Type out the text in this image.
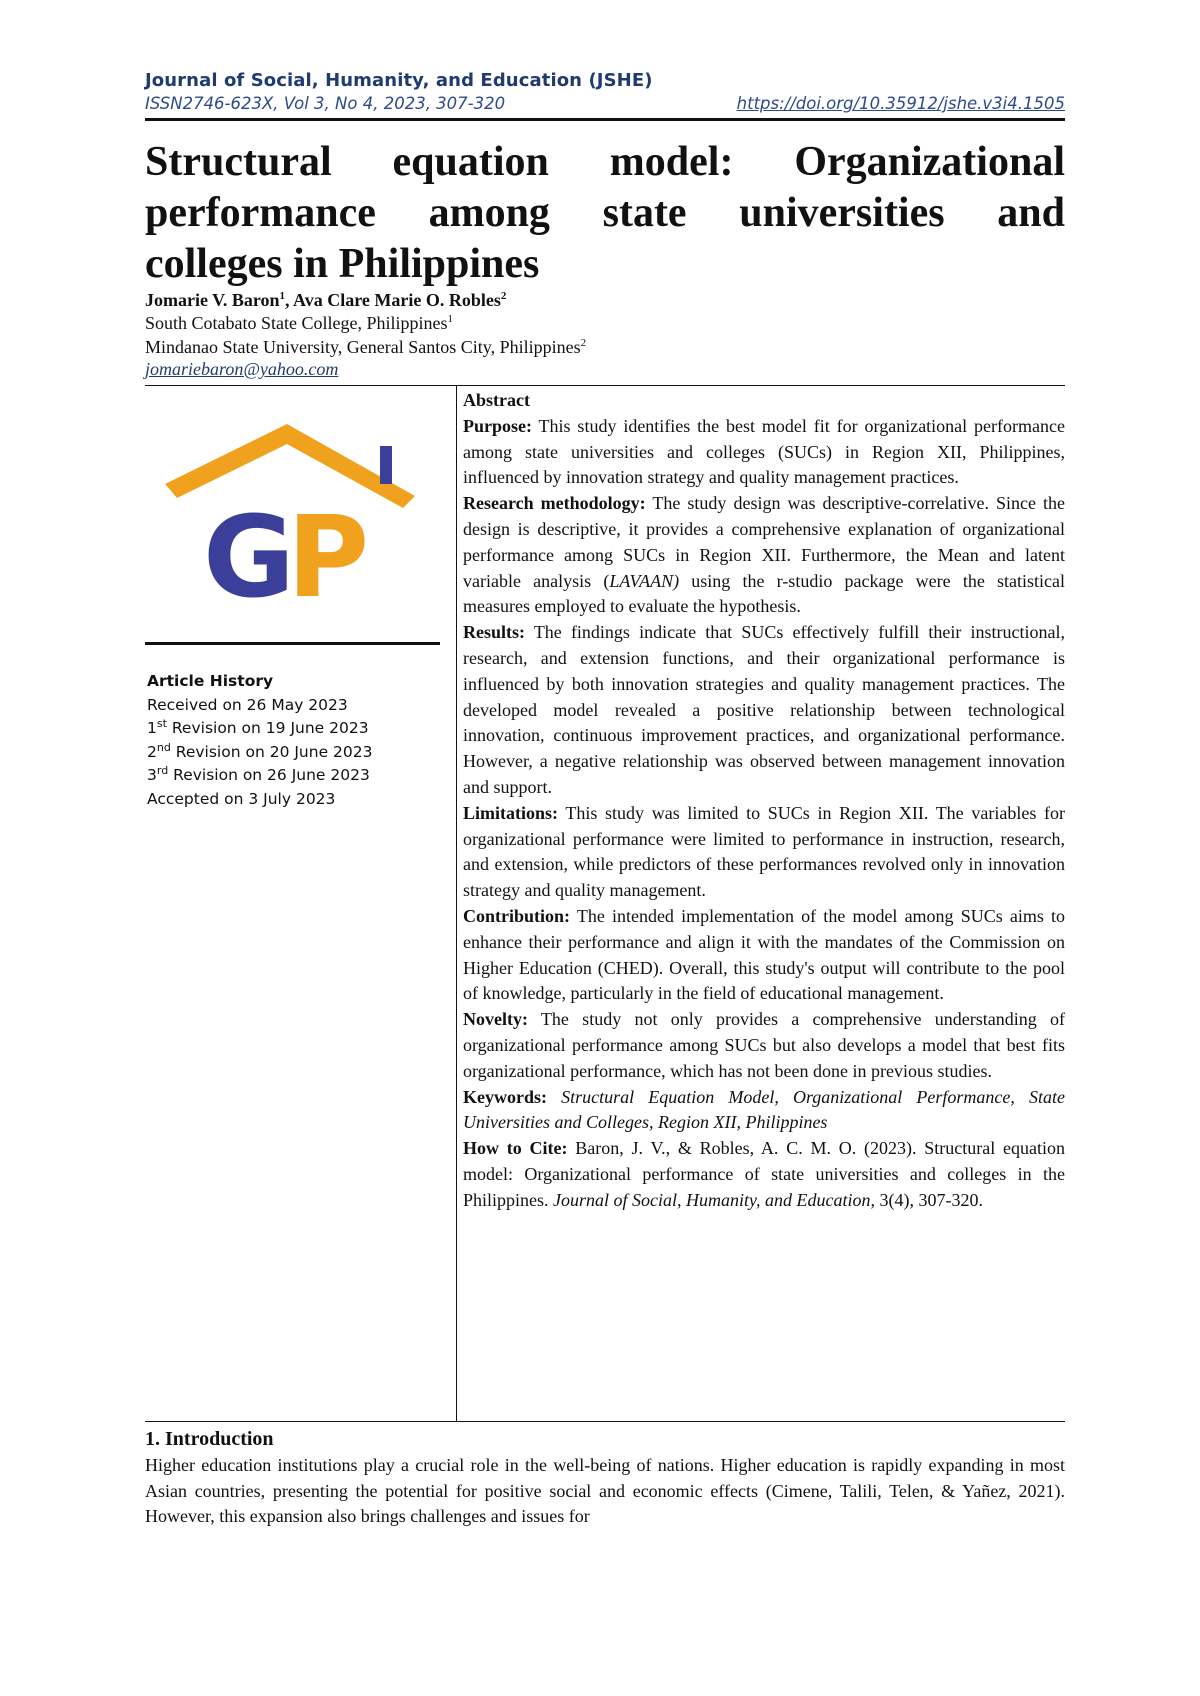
Journal of Social, Humanity, and Education (JSHE)
ISSN2746-623X, Vol 3, No 4, 2023, 307-320	https://doi.org/10.35912/jshe.v3i4.1505
Structural equation model: Organizational
performance among state universities and
colleges in Philippines
Jomarie V. Baron$^1$, Ava Clare Marie O. Robles$^2$
South Cotabato State College, Philippines$^1$
Mindanao State University, General Santos City, Philippines$^2$
jomariebaron@yahoo.com
G
P
Article History
Received on 26 May 2023
1st Revision on 19 June 2023
2nd Revision on 20 June 2023
3rd Revision on 26 June 2023
Accepted on 3 July 2023

Abstract

Purpose: This study identifies the best model fit for organizational performance among state universities and colleges (SUCs) in Region XII, Philippines, influenced by innovation strategy and quality management practices.

Research methodology: The study design was descriptive-correlative. Since the design is descriptive, it provides a comprehensive explanation of organizational performance among SUCs in Region XII. Furthermore, the Mean and latent variable analysis (LAVAAN) using the r-studio package were the statistical measures employed to evaluate the hypothesis.

Results: The findings indicate that SUCs effectively fulfill their instructional, research, and extension functions, and their organizational performance is influenced by both innovation strategies and quality management practices. The developed model revealed a positive relationship between technological innovation, continuous improvement practices, and organizational performance. However, a negative relationship was observed between management innovation and support.

Limitations: This study was limited to SUCs in Region XII. The variables for organizational performance were limited to performance in instruction, research, and extension, while predictors of these performances revolved only in innovation strategy and quality management.

Contribution: The intended implementation of the model among SUCs aims to enhance their performance and align it with the mandates of the Commission on Higher Education (CHED). Overall, this study's output will contribute to the pool of knowledge, particularly in the field of educational management.

Novelty: The study not only provides a comprehensive understanding of organizational performance among SUCs but also develops a model that best fits organizational performance, which has not been done in previous studies.

Keywords: Structural Equation Model, Organizational Performance, State Universities and Colleges, Region XII, Philippines

How to Cite: Baron, J. V., & Robles, A. C. M. O. (2023). Structural equation model: Organizational performance of state universities and colleges in the Philippines. Journal of Social, Humanity, and Education, 3(4), 307-320.

1. Introduction

Higher education institutions play a crucial role in the well-being of nations. Higher education is rapidly expanding in most Asian countries, presenting the potential for positive social and economic effects (Cimene, Talili, Telen, & Yañez, 2021). However, this expansion also brings challenges and issues for
